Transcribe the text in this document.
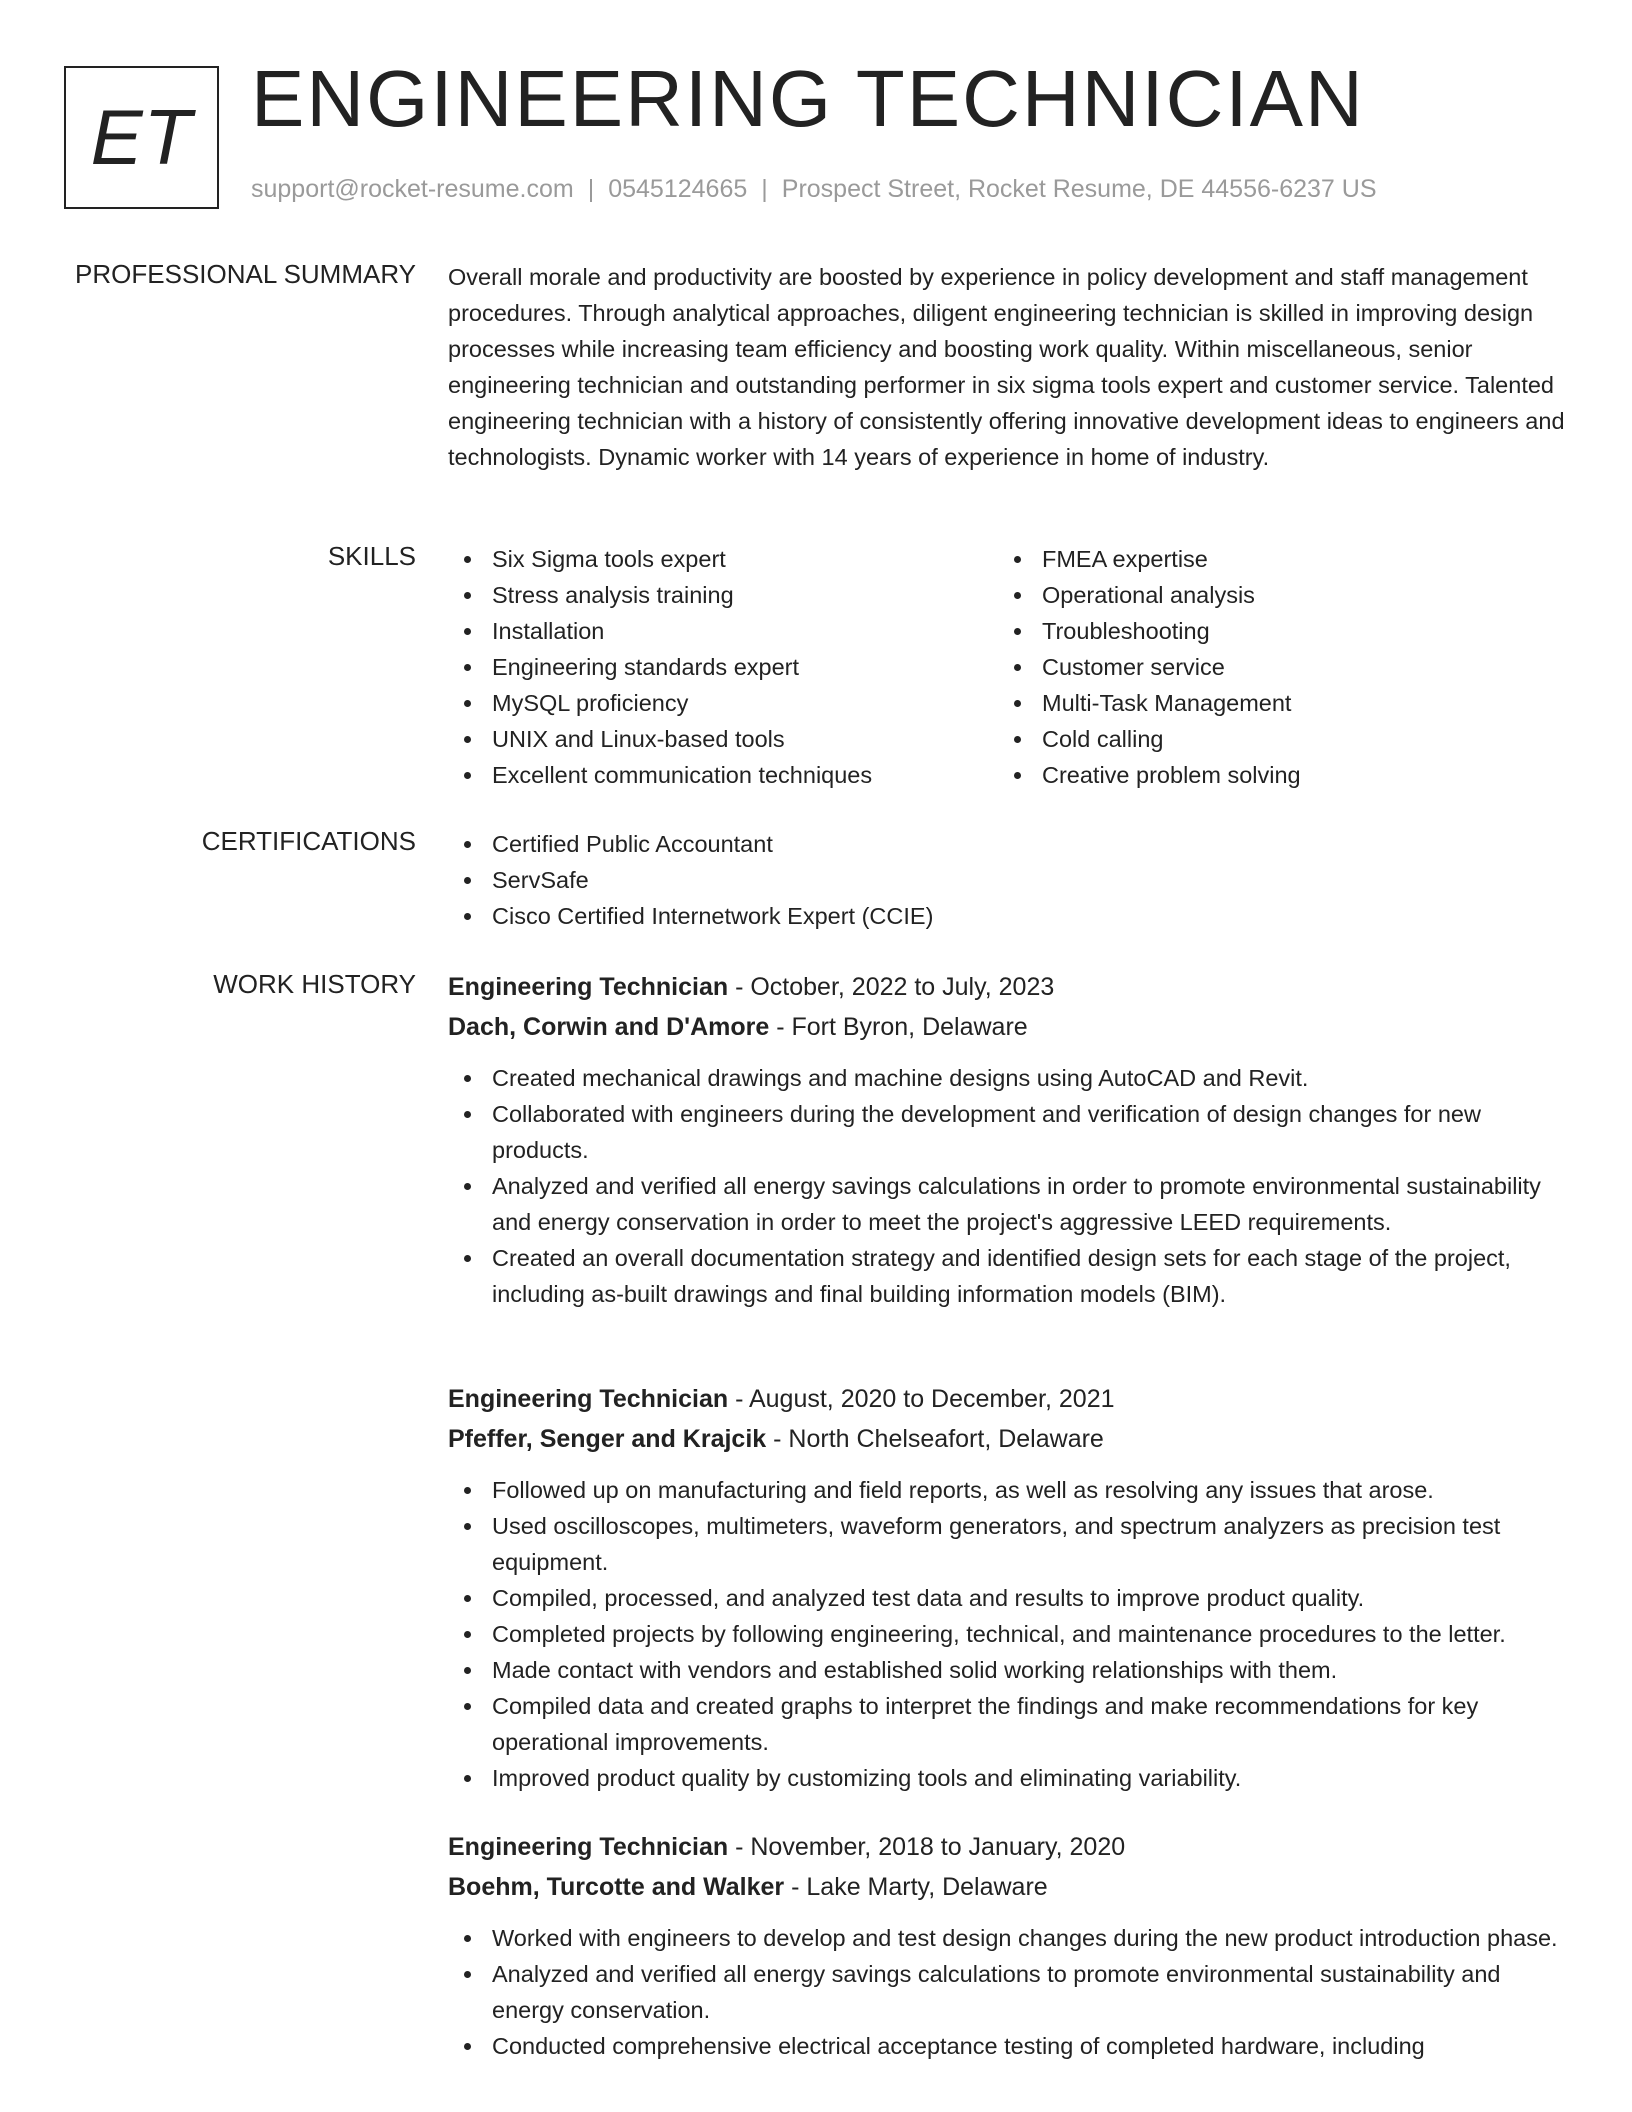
ET ENGINEERING TECHNICIAN
support@rocket-resume.com | 0545124665 | Prospect Street, Rocket Resume, DE 44556-6237 US
PROFESSIONAL SUMMARY Overall morale and productivity are boosted by experience in policy development and staff management procedures. Through analytical approaches, diligent engineering technician is skilled in improving design processes while increasing team efficiency and boosting work quality. Within miscellaneous, senior engineering technician and outstanding performer in six sigma tools expert and customer service. Talented engineering technician with a history of consistently offering innovative development ideas to engineers and technologists. Dynamic worker with 14 years of experience in home of industry.
SKILLS	Six Sigma tools expert
Stress analysis training
Installation
Engineering standards expert
MySQL proficiency
UNIX and Linux-based tools
Excellent communication techniques
FMEA expertise
Operational analysis
Troubleshooting
Customer service
Multi-Task Management
Cold calling
Creative problem solving
CERTIFICATIONS	Certified Public Accountant
ServSafe
Cisco Certified Internetwork Expert (CCIE)
WORK HISTORY Engineering Technician - October, 2022 to July, 2023
Dach, Corwin and D'Amore - Fort Byron, Delaware
Created mechanical drawings and machine designs using AutoCAD and Revit.
Collaborated with engineers during the development and verification of design changes for new products.
Analyzed and verified all energy savings calculations in order to promote environmental sustainability and energy conservation in order to meet the project's aggressive LEED requirements.
Created an overall documentation strategy and identified design sets for each stage of the project, including as-built drawings and final building information models (BIM).
Engineering Technician - August, 2020 to December, 2021
Pfeffer, Senger and Krajcik - North Chelseafort, Delaware
Followed up on manufacturing and field reports, as well as resolving any issues that arose.
Used oscilloscopes, multimeters, waveform generators, and spectrum analyzers as precision test equipment.
Compiled, processed, and analyzed test data and results to improve product quality.
Completed projects by following engineering, technical, and maintenance procedures to the letter.
Made contact with vendors and established solid working relationships with them.
Compiled data and created graphs to interpret the findings and make recommendations for key operational improvements.
Improved product quality by customizing tools and eliminating variability.
Engineering Technician - November, 2018 to January, 2020
Boehm, Turcotte and Walker - Lake Marty, Delaware
Worked with engineers to develop and test design changes during the new product introduction phase.
Analyzed and verified all energy savings calculations to promote environmental sustainability and energy conservation.
Conducted comprehensive electrical acceptance testing of completed hardware, including
